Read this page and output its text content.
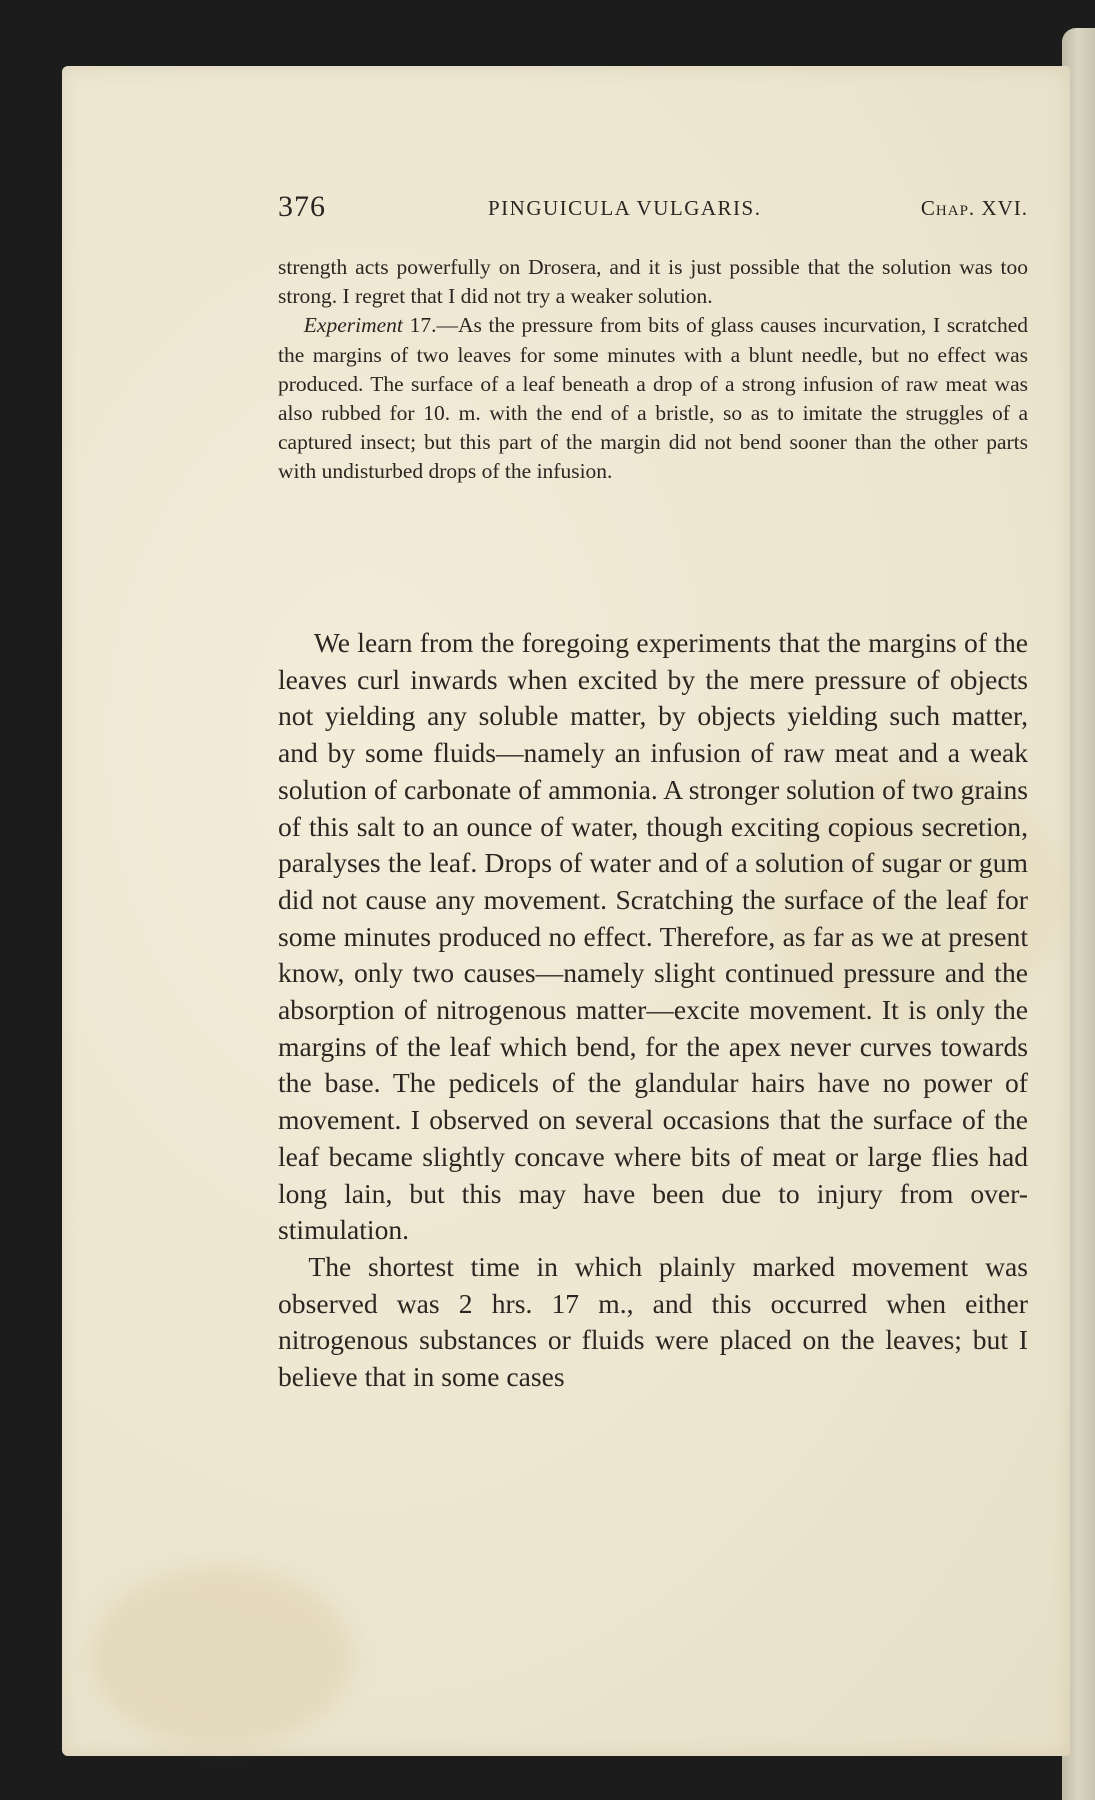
376	PINGUICULA VULGARIS.	Chap. XVI.

strength acts powerfully on Drosera, and it is just possible that the solution was too strong. I regret that I did not try a weaker solution.

Experiment 17.—As the pressure from bits of glass causes incurvation, I scratched the margins of two leaves for some minutes with a blunt needle, but no effect was produced. The surface of a leaf beneath a drop of a strong infusion of raw meat was also rubbed for 10. m. with the end of a bristle, so as to imitate the struggles of a captured insect; but this part of the margin did not bend sooner than the other parts with undisturbed drops of the infusion.

We learn from the foregoing experiments that the margins of the leaves curl inwards when excited by the mere pressure of objects not yielding any soluble matter, by objects yielding such matter, and by some fluids—namely an infusion of raw meat and a weak solution of carbonate of ammonia. A stronger solution of two grains of this salt to an ounce of water, though exciting copious secretion, paralyses the leaf. Drops of water and of a solution of sugar or gum did not cause any movement. Scratching the surface of the leaf for some minutes produced no effect. Therefore, as far as we at present know, only two causes—namely slight continued pressure and the absorption of nitrogenous matter—excite movement. It is only the margins of the leaf which bend, for the apex never curves towards the base. The pedicels of the glandular hairs have no power of movement. I observed on several occasions that the surface of the leaf became slightly concave where bits of meat or large flies had long lain, but this may have been due to injury from over-stimulation.

The shortest time in which plainly marked movement was observed was 2 hrs. 17 m., and this occurred when either nitrogenous substances or fluids were placed on the leaves; but I believe that in some cases
